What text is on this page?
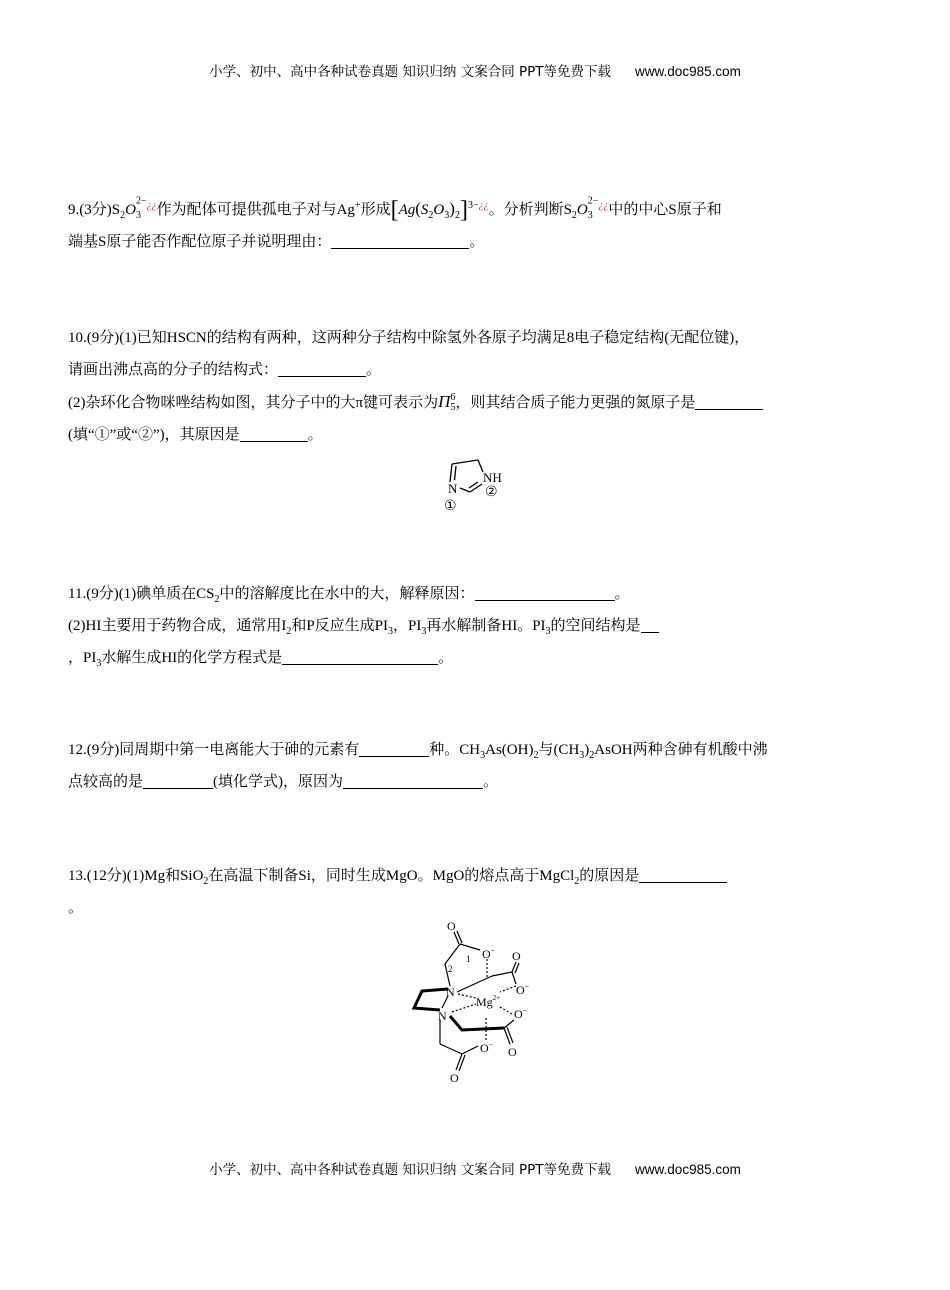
小学、初中、高中各种试卷真题 知识归纳 文案合同 PPT等免费下载 www.doc985.com
9.(3分)$S_2O^{2-}¿¿$
3 作为配体可提供孤电子对与Ag+形成$[Ag(S_2O_3)_2]^{3-¿¿}$。分析判断$S_2O^{2-}¿¿$
3 中的中心S原子和
端基S原子能否作配位原子并说明理由：	。
10.(9分)(1)已知HSCN的结构有两种，这两种分子结构中除氢外各原子均满足8电子稳定结构(无配位键)，
请画出沸点高的分子的结构式：	。
(2)杂环化合物咪唑结构如图，其分子中的大π键可表示为Π6
5，则其结合质子能力更强的氮原子是
(填“①”或“②”)，其原因是	。
N
NH
①
②
11.(9分)(1)碘单质在$CS_2$中的溶解度比在水中的大，解释原因：	。
(2)HI主要用于药物合成，通常用$I_2$和P反应生成$PI_3$，$PI_3$再水解制备HI。$PI_3$的空间结构是
，$PI_3$水解生成HI的化学方程式是	。
12.(9分)同周期中第一电离能大于砷的元素有	种。$CH_3As(OH)_2$与$(CH_3)_2AsOH$两种含砷有机酸中沸
点较高的是	(填化学式)，原因为	。
13.(12分)(1)Mg和SiO$_2$在高温下制备Si，同时生成MgO。MgO的熔点高于MgCl$_2$的原因是
。
O
O− O
O−
N
N
$Mg^{2+}$
O−
O
O−
O
1
2
小学、初中、高中各种试卷真题 知识归纳 文案合同 PPT等免费下载 www.doc985.com
